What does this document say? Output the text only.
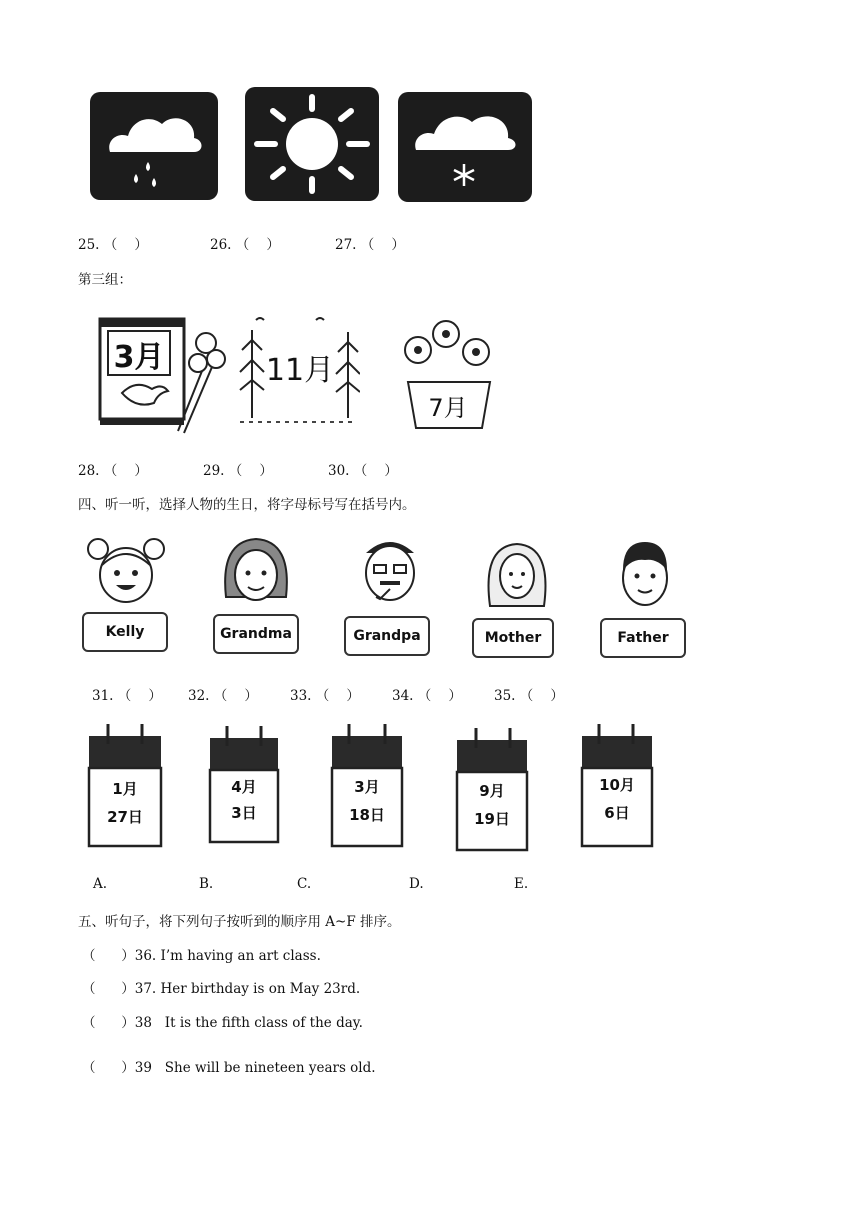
25. （    ）	26. （    ）	27. （    ）
第三组：
3月	11月
7月
28. （    ）	29. （    ）	30. （    ）
四、听一听，选择人物的生日，将字母标号写在括号内。
Kelly	Grandma	Grandpa	Mother	Father
31. （    ） 32. （    ） 33. （    ） 34. （    ） 35. （    ）
1月
27日
4月
3日
3月
18日
9月
19日
10月
6日
A.	B.	C.	D.	E.
五、听句子，将下列句子按听到的顺序用 A~F 排序。
（      ）36. I’m having an art class.
（      ）37. Her birthday is on May 23rd.
（      ）38   It is the fifth class of the day.
（      ）39   She will be nineteen years old.
